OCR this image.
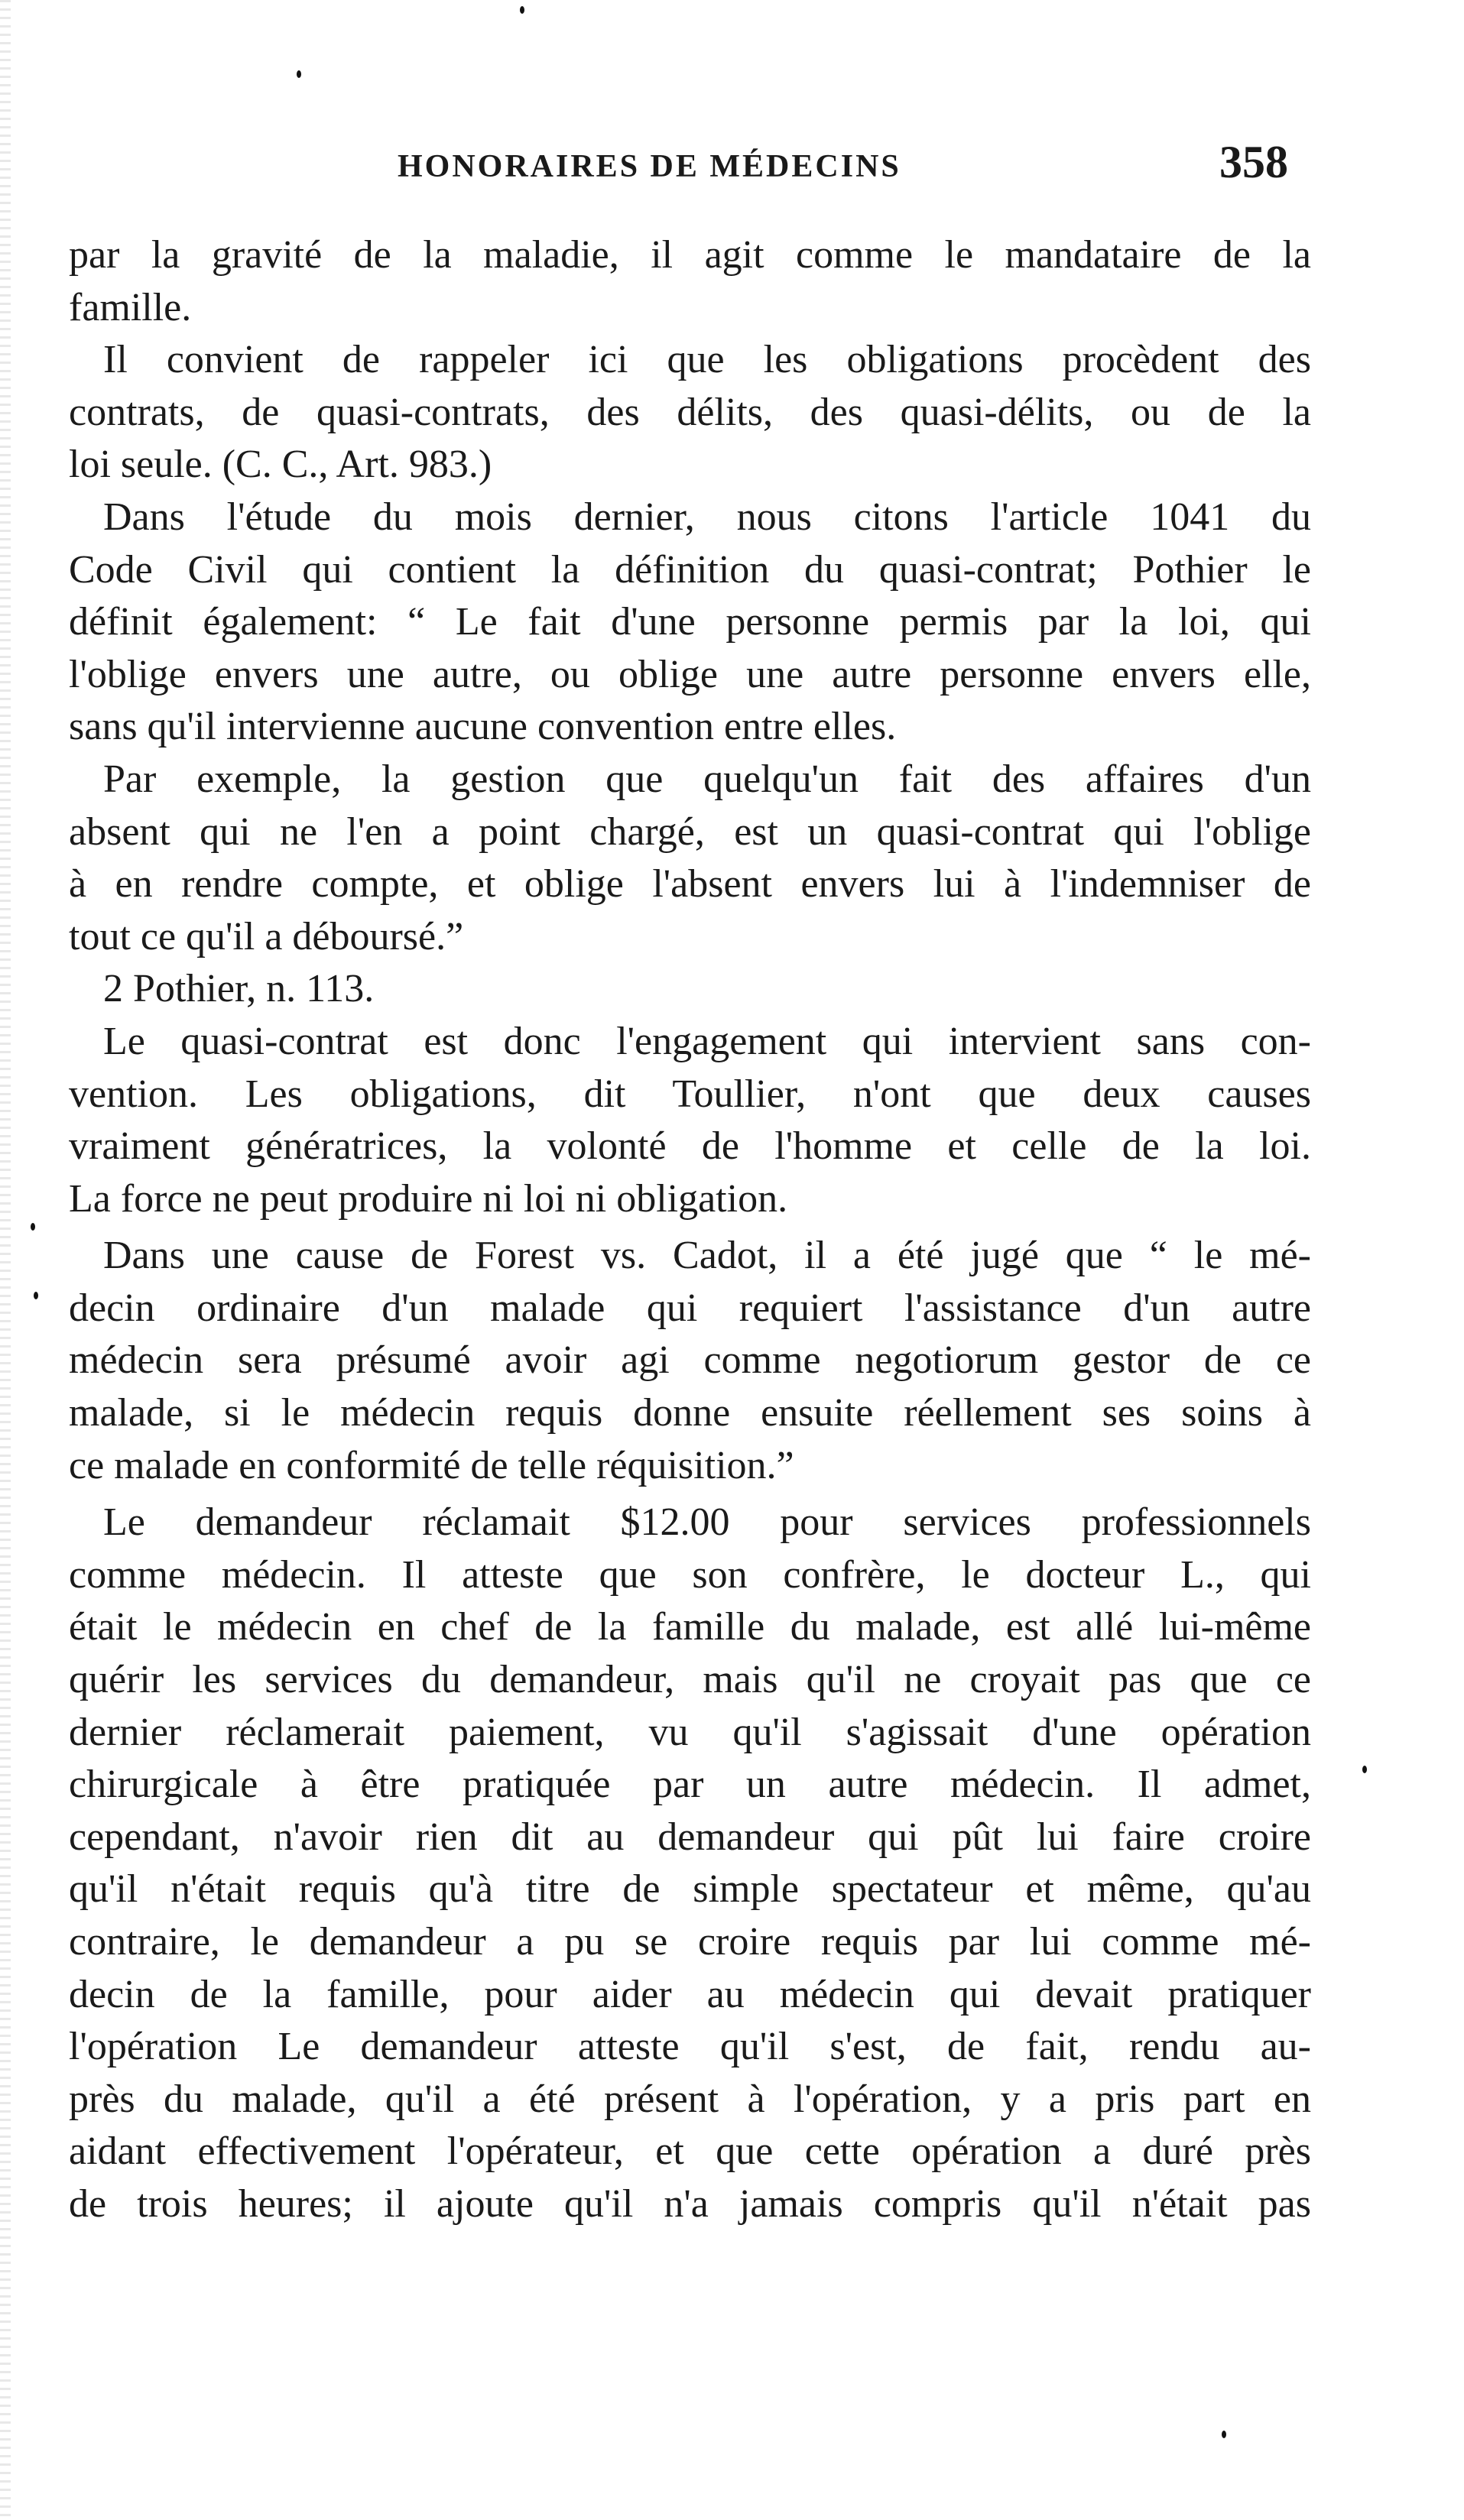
HONORAIRES DE MÉDECINS	358
par la gravité de la maladie, il agit comme le mandataire de la
famille.
Il convient de rappeler ici que les obligations procèdent des
contrats, de quasi-contrats, des délits, des quasi-délits, ou de la
loi seule. (C. C., Art. 983.)
Dans l'étude du mois dernier, nous citons l'article 1041 du
Code Civil qui contient la définition du quasi-contrat; Pothier le
définit également: “ Le fait d'une personne permis par la loi, qui
l'oblige envers une autre, ou oblige une autre personne envers elle,
sans qu'il intervienne aucune convention entre elles.
Par exemple, la gestion que quelqu'un fait des affaires d'un
absent qui ne l'en a point chargé, est un quasi-contrat qui l'oblige
à en rendre compte, et oblige l'absent envers lui à l'indemniser de
tout ce qu'il a déboursé.”
2 Pothier, n. 113.
Le quasi-contrat est donc l'engagement qui intervient sans con-
vention. Les obligations, dit Toullier, n'ont que deux causes
vraiment génératrices, la volonté de l'homme et celle de la loi.
La force ne peut produire ni loi ni obligation.
Dans une cause de Forest vs. Cadot, il a été jugé que “ le mé-
decin ordinaire d'un malade qui requiert l'assistance d'un autre
médecin sera présumé avoir agi comme negotiorum gestor de ce
malade, si le médecin requis donne ensuite réellement ses soins à
ce malade en conformité de telle réquisition.”
Le demandeur réclamait $12.00 pour services professionnels
comme médecin. Il atteste que son confrère, le docteur L., qui
était le médecin en chef de la famille du malade, est allé lui-même
quérir les services du demandeur, mais qu'il ne croyait pas que ce
dernier réclamerait paiement, vu qu'il s'agissait d'une opération
chirurgicale à être pratiquée par un autre médecin. Il admet,
cependant, n'avoir rien dit au demandeur qui pût lui faire croire
qu'il n'était requis qu'à titre de simple spectateur et même, qu'au
contraire, le demandeur a pu se croire requis par lui comme mé-
decin de la famille, pour aider au médecin qui devait pratiquer
l'opération Le demandeur atteste qu'il s'est, de fait, rendu au-
près du malade, qu'il a été présent à l'opération, y a pris part en
aidant effectivement l'opérateur, et que cette opération a duré près
de trois heures; il ajoute qu'il n'a jamais compris qu'il n'était pas
